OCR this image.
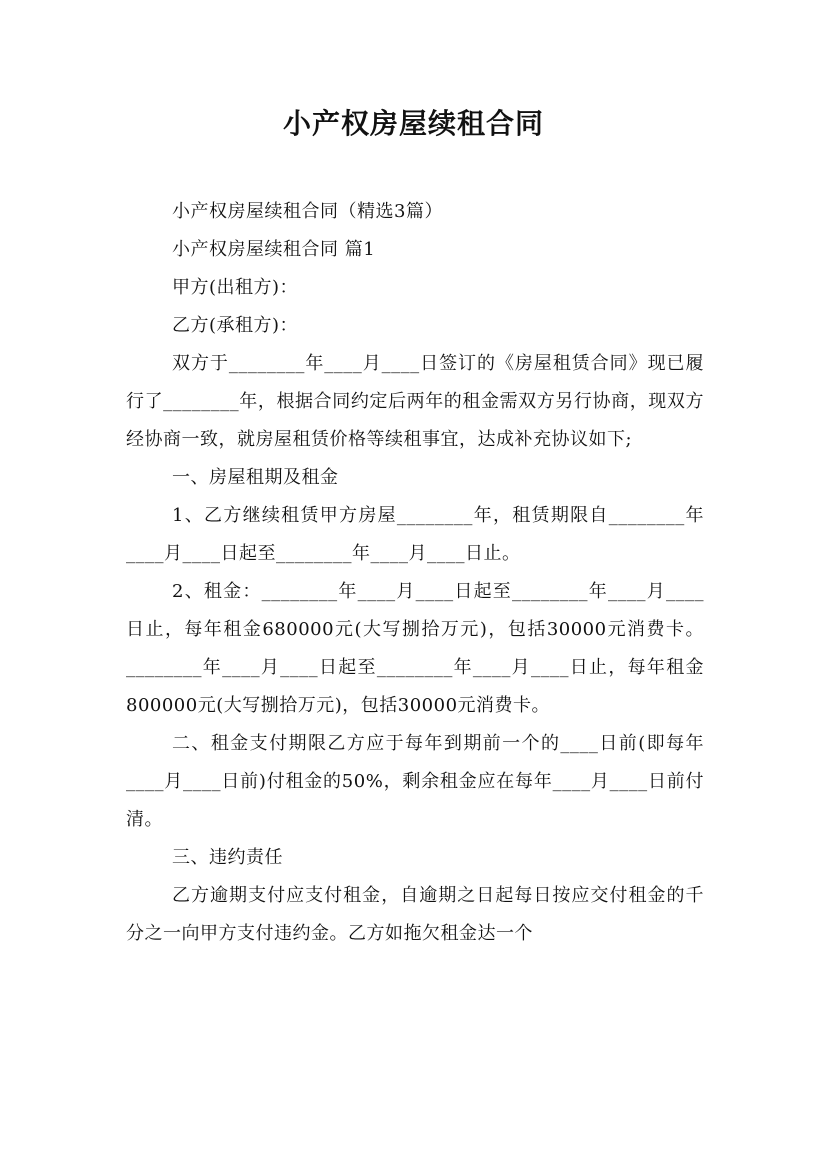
小产权房屋续租合同

小产权房屋续租合同（精选3篇）

小产权房屋续租合同 篇1

甲方(出租方)：

乙方(承租方)：

双方于________年____月____日签订的《房屋租赁合同》现已履行了________年，根据合同约定后两年的租金需双方另行协商，现双方经协商一致，就房屋租赁价格等续租事宜，达成补充协议如下;

一、房屋租期及租金

1、乙方继续租赁甲方房屋________年，租赁期限自________年____月____日起至________年____月____日止。

2、租金：________年____月____日起至________年____月____日止，每年租金680000元(大写捌拾万元)，包括30000元消费卡。________年____月____日起至________年____月____日止，每年租金800000元(大写捌拾万元)，包括30000元消费卡。

二、租金支付期限乙方应于每年到期前一个的____日前(即每年____月____日前)付租金的50%，剩余租金应在每年____月____日前付清。

三、违约责任

乙方逾期支付应支付租金，自逾期之日起每日按应交付租金的千分之一向甲方支付违约金。乙方如拖欠租金达一个
